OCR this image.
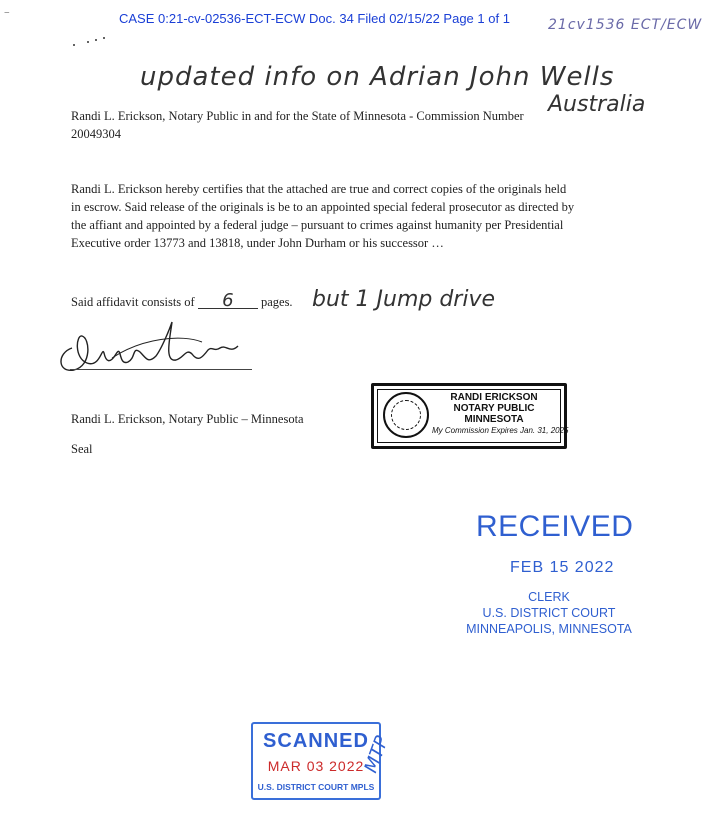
−	CASE 0:21-cv-02536-ECT-ECW Doc. 34 Filed 02/15/22 Page 1 of 1	21cv1536 ECT/ECW
updated info on Adrian John Wells
Australia
Randi L. Erickson, Notary Public in and for the State of Minnesota - Commission Number 20049304
Randi L. Erickson hereby certifies that the attached are true and correct copies of the originals held in escrow. Said release of the originals is be to an appointed special federal prosecutor as directed by the affiant and appointed by a federal judge – pursuant to crimes against humanity per Presidential Executive order 13773 and 13818, under John Durham or his successor …
Said affidavit consists of 6 pages. but 1 Jump drive
Randi L. Erickson, Notary Public – Minnesota
Seal
RANDI ERICKSON
NOTARY PUBLIC
MINNESOTA
My Commission Expires Jan. 31, 2025
RECEIVED
FEB 15 2022
CLERK
U.S. DISTRICT COURT
MINNEAPOLIS, MINNESOTA
SCANNED
MAR 03 2022
U.S. DISTRICT COURT MPLS
MTP
